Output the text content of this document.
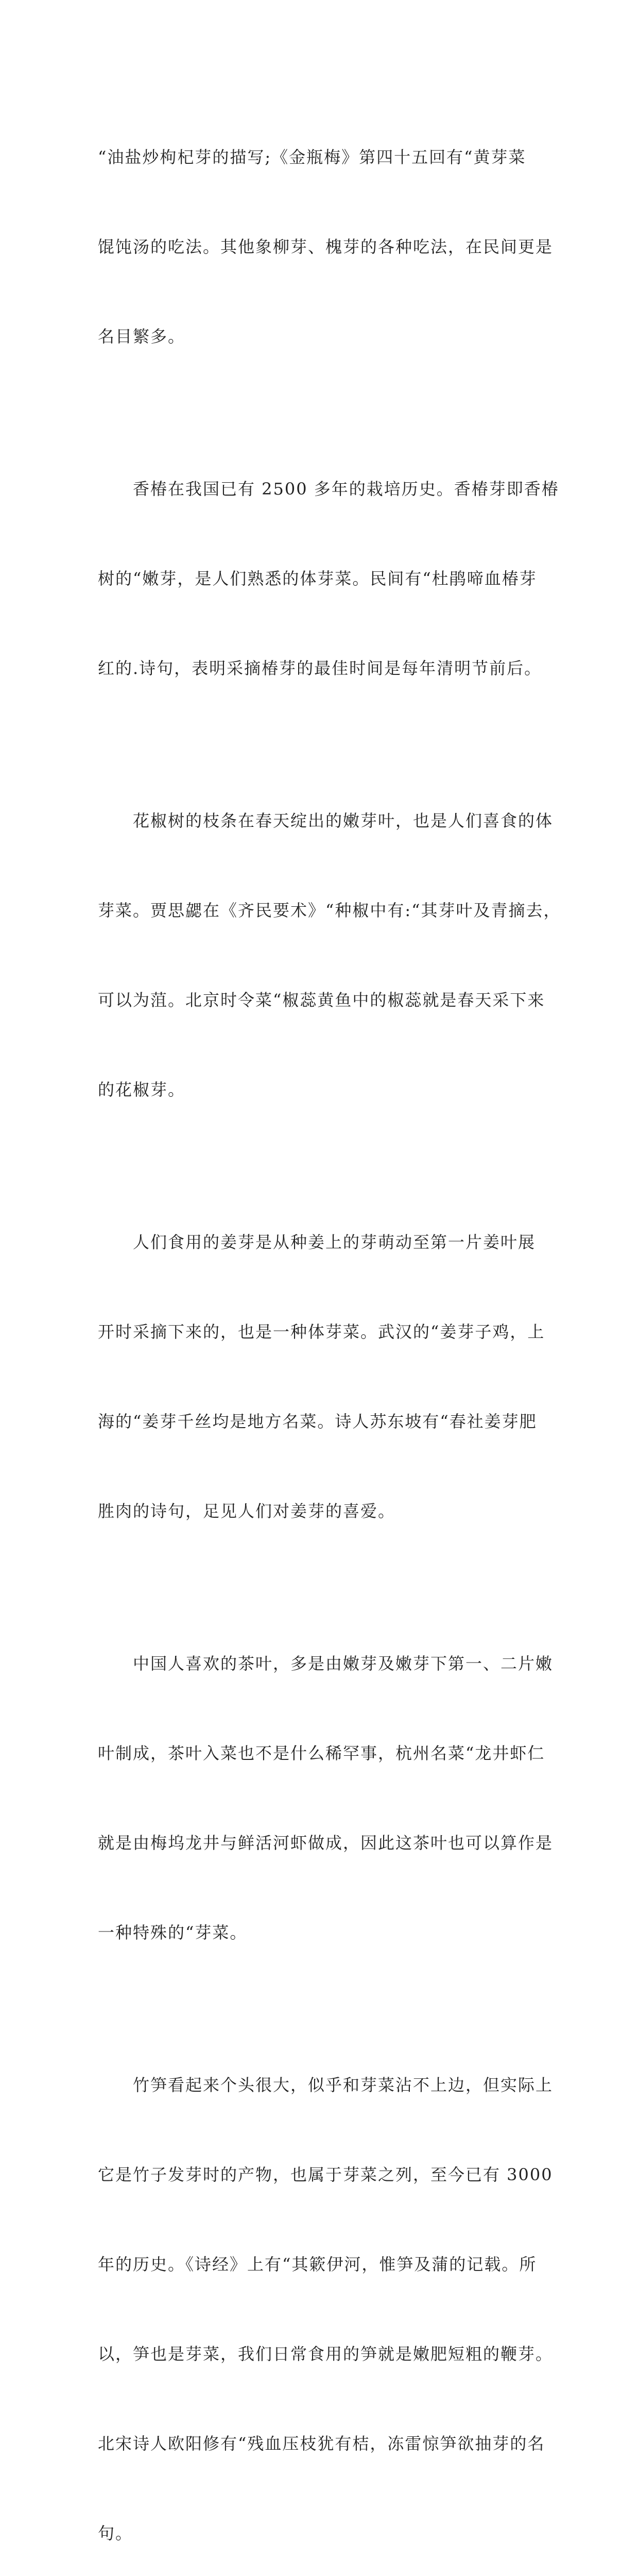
“油盐炒枸杞芽的描写;《金瓶梅》第四十五回有“黄芽菜

馄饨汤的吃法。其他象柳芽、槐芽的各种吃法，在民间更是

名目繁多。

　　香椿在我国已有 2500 多年的栽培历史。香椿芽即香椿

树的“嫩芽，是人们熟悉的体芽菜。民间有“杜鹃啼血椿芽

红的.诗句，表明采摘椿芽的最佳时间是每年清明节前后。

　　花椒树的枝条在春天绽出的嫩芽叶，也是人们喜食的体

芽菜。贾思勰在《齐民要术》“种椒中有:“其芽叶及青摘去，

可以为菹。北京时令菜“椒蕊黄鱼中的椒蕊就是春天采下来

的花椒芽。

　　人们食用的姜芽是从种姜上的芽萌动至第一片姜叶展

开时采摘下来的，也是一种体芽菜。武汉的“姜芽子鸡，上

海的“姜芽千丝均是地方名菜。诗人苏东坡有“春社姜芽肥

胜肉的诗句，足见人们对姜芽的喜爱。

　　中国人喜欢的茶叶，多是由嫩芽及嫩芽下第一、二片嫩

叶制成，茶叶入菜也不是什么稀罕事，杭州名菜“龙井虾仁

就是由梅坞龙井与鲜活河虾做成，因此这茶叶也可以算作是

一种特殊的“芽菜。

　　竹笋看起来个头很大，似乎和芽菜沾不上边，但实际上

它是竹子发芽时的产物，也属于芽菜之列，至今已有 3000

年的历史。《诗经》上有“其簌伊河，惟笋及蒲的记载。所

以，笋也是芽菜，我们日常食用的笋就是嫩肥短粗的鞭芽。

北宋诗人欧阳修有“残血压枝犹有桔，冻雷惊笋欲抽芽的名

句。
